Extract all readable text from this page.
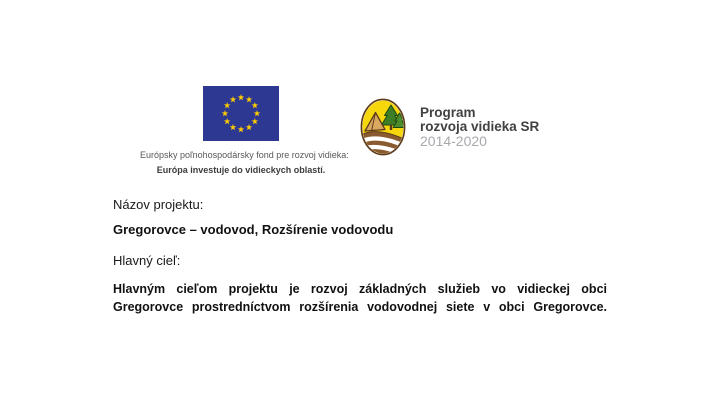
Európsky poľnohospodársky fond pre rozvoj vidieka:
Európa investuje do vidieckych oblastí.
Program
rozvoja vidieka SR
2014-2020
Názov projektu:
Gregorovce – vodovod, Rozšírenie vodovodu
Hlavný cieľ:
Hlavným cieľom projektu je rozvoj základných služieb vo vidieckej obci
Gregorovce prostredníctvom rozšírenia vodovodnej siete v obci Gregorovce.
